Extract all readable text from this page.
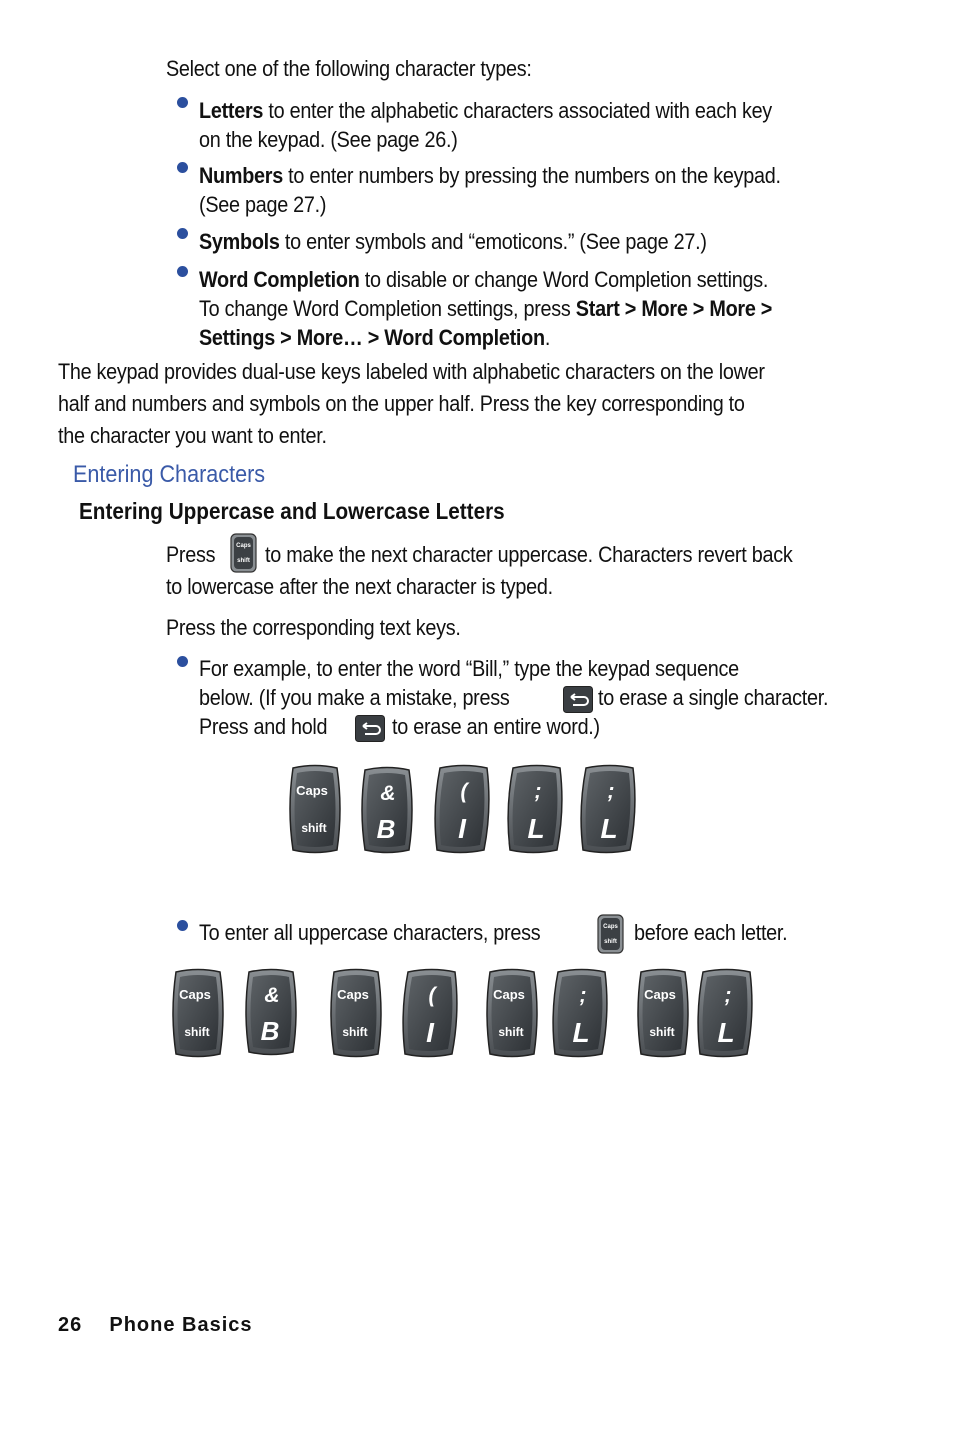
Select one of the following character types:
Letters to enter the alphabetic characters associated with each key
on the keypad. (See page 26.)
Numbers to enter numbers by pressing the numbers on the keypad.
(See page 27.)
Symbols to enter symbols and “emoticons.” (See page 27.)
Word Completion to disable or change Word Completion settings.
To change Word Completion settings, press Start > More > More >
Settings > More… > Word Completion.
The keypad provides dual-use keys labeled with alphabetic characters on the lower
half and numbers and symbols on the upper half. Press the key corresponding to
the character you want to enter.
Entering Characters
Entering Uppercase and Lowercase Letters
Press	Caps
shift to make the next character uppercase. Characters revert back
to lowercase after the next character is typed.
Press the corresponding text keys.
For example, to enter the word “Bill,” type the keypad sequence
below. (If you make a mistake, press	to erase a single character.
Press and hold	to erase an entire word.)
Caps
shift
&
B
(
I
;
L
;
L
To enter all uppercase characters, press	Caps
shift before each letter.
Caps
shift
&
B
Caps
shift
(
I
Caps
shift
;
L
Caps
shift
;
L
26 Phone Basics
